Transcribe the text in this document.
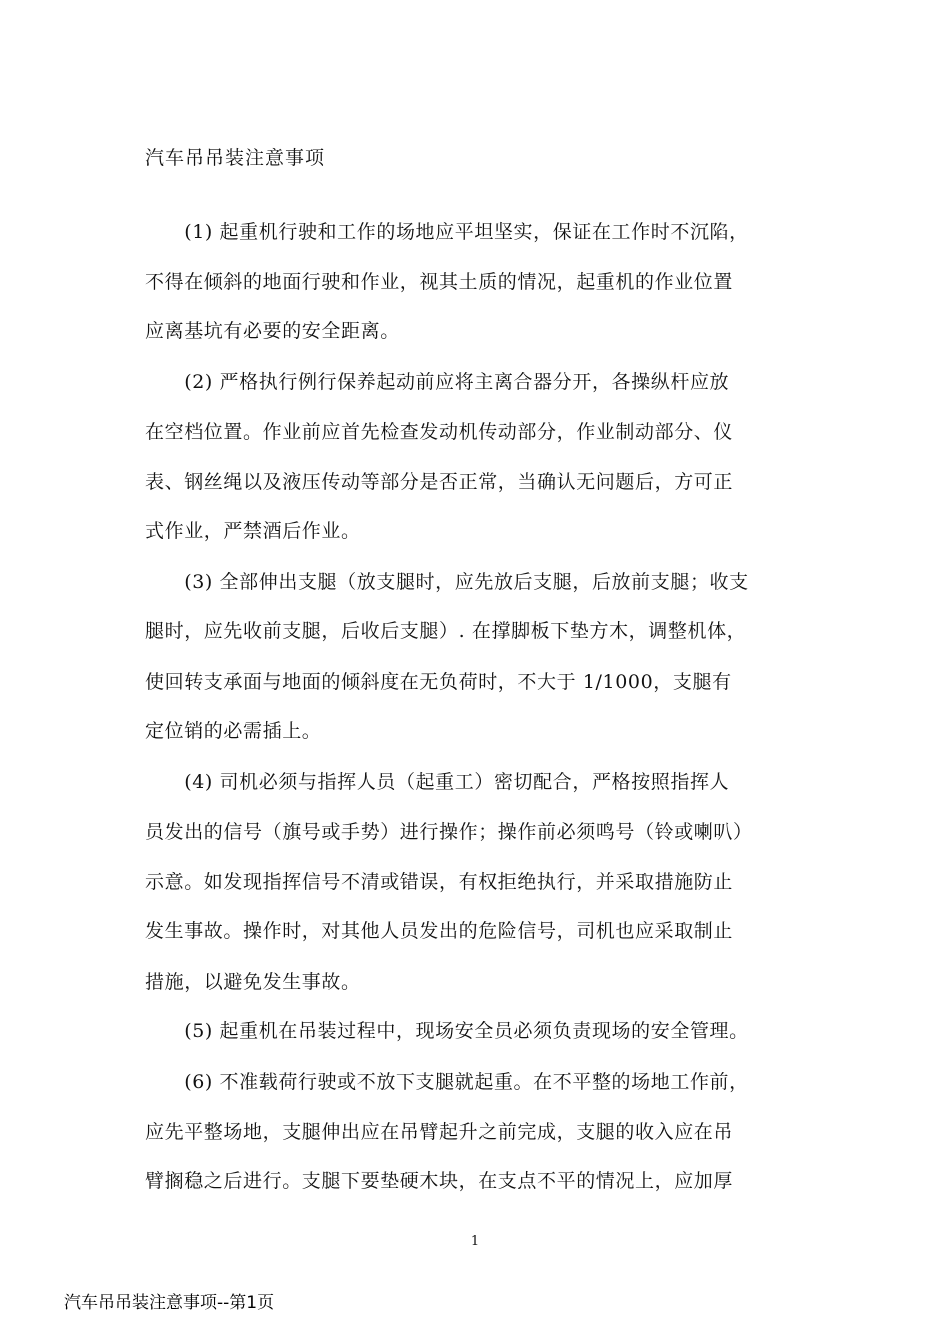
汽车吊吊装注意事项
　　(1) 起重机行驶和工作的场地应平坦坚实，保证在工作时不沉陷，
不得在倾斜的地面行驶和作业，视其土质的情况，起重机的作业位置
应离基坑有必要的安全距离。
　　(2) 严格执行例行保养起动前应将主离合器分开，各操纵杆应放
在空档位置。作业前应首先检查发动机传动部分，作业制动部分、仪
表、钢丝绳以及液压传动等部分是否正常，当确认无问题后，方可正
式作业，严禁酒后作业。
　　(3) 全部伸出支腿（放支腿时，应先放后支腿，后放前支腿；收支
腿时，应先收前支腿，后收后支腿）. 在撑脚板下垫方木，调整机体，
使回转支承面与地面的倾斜度在无负荷时，不大于 1/1000，支腿有
定位销的必需插上。
　　(4) 司机必须与指挥人员（起重工）密切配合，严格按照指挥人
员发出的信号（旗号或手势）进行操作；操作前必须鸣号（铃或喇叭）
示意。如发现指挥信号不清或错误，有权拒绝执行，并采取措施防止
发生事故。操作时，对其他人员发出的危险信号，司机也应采取制止
措施，以避免发生事故。
　　(5) 起重机在吊装过程中，现场安全员必须负责现场的安全管理。
　　(6) 不准载荷行驶或不放下支腿就起重。在不平整的场地工作前，
应先平整场地，支腿伸出应在吊臂起升之前完成，支腿的收入应在吊
臂搁稳之后进行。支腿下要垫硬木块，在支点不平的情况上，应加厚
1
汽车吊吊装注意事项--第1页
